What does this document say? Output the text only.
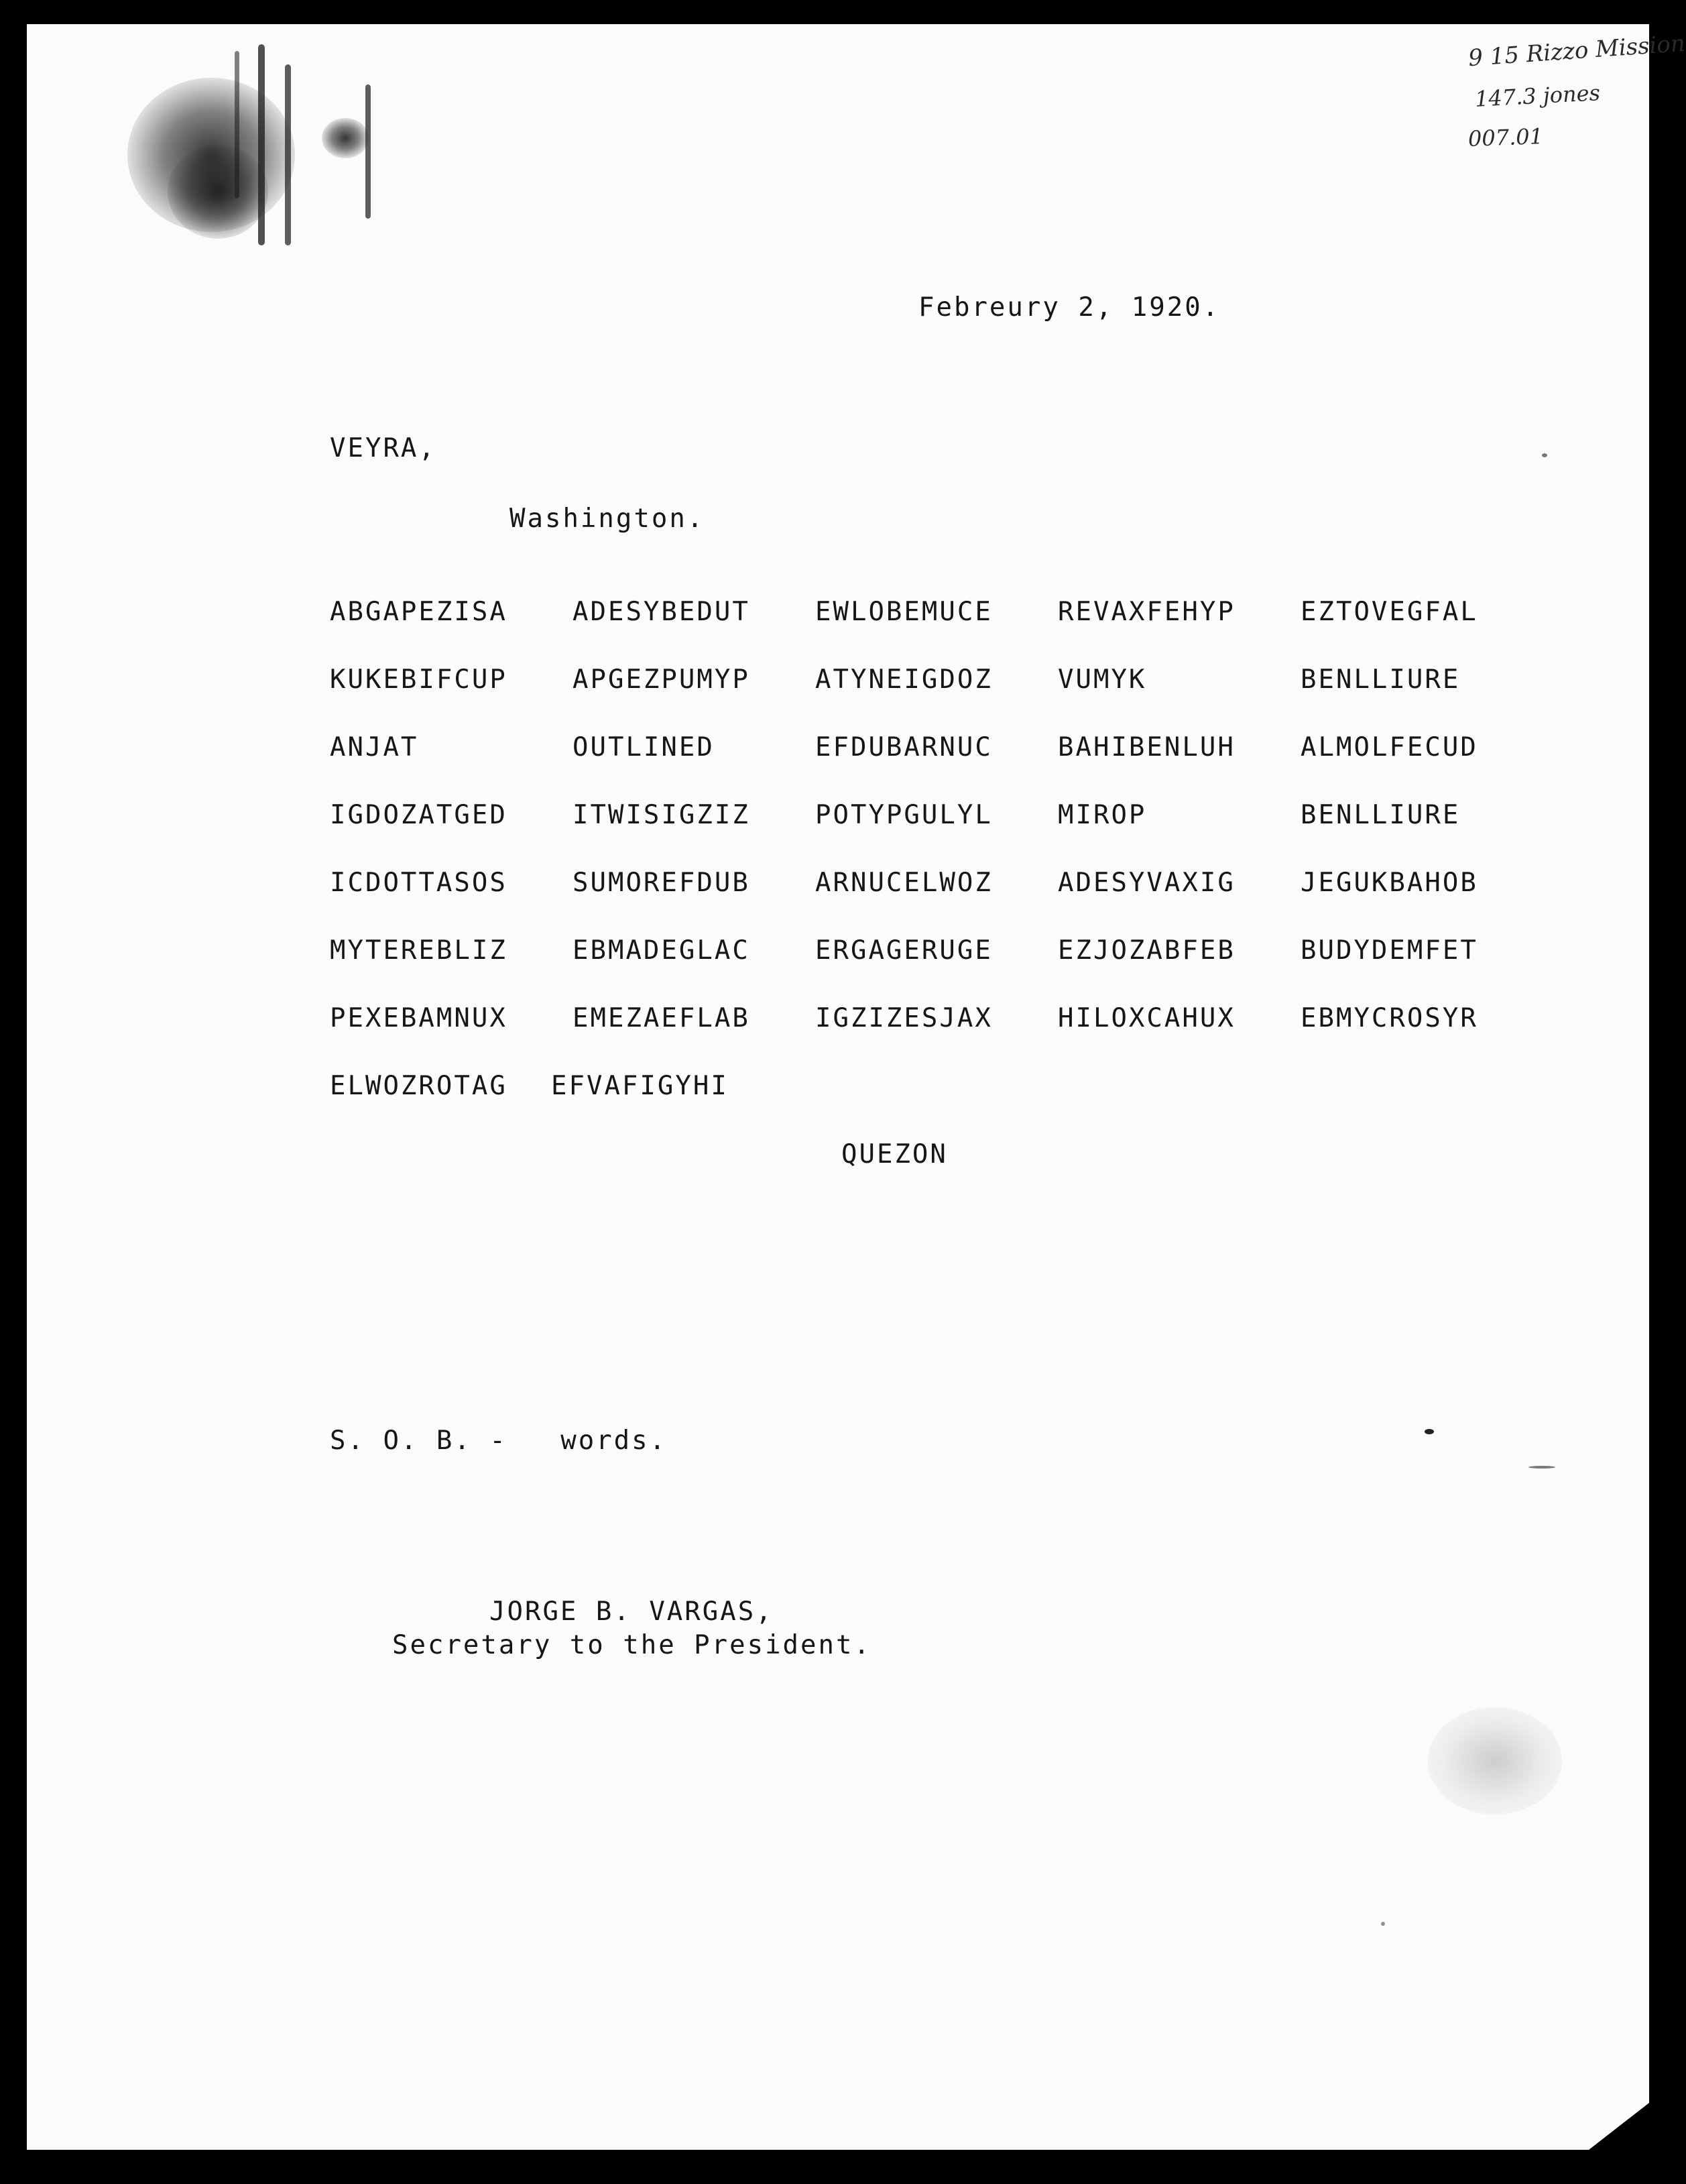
9 15 Rizzo Mission
147.3 jones
007.01
Febreury 2, 1920.
VEYRA,
Washington.
ABGAPEZISA	ADESYBEDUT	EWLOBEMUCE	REVAXFEHYP	EZTOVEGFAL
KUKEBIFCUP	APGEZPUMYP	ATYNEIGDOZ	VUMYK	BENLLIURE
ANJAT	OUTLINED	EFDUBARNUC	BAHIBENLUH	ALMOLFECUD
IGDOZATGED	ITWISIGZIZ	POTYPGULYL	MIROP	BENLLIURE
ICDOTTASOS	SUMOREFDUB	ARNUCELWOZ	ADESYVAXIG	JEGUKBAHOB
MYTEREBLIZ	EBMADEGLAC	ERGAGERUGE	EZJOZABFEB	BUDYDEMFET
PEXEBAMNUX	EMEZAEFLAB	IGZIZESJAX	HILOXCAHUX	EBMYCROSYR
ELWOZROTAG	EFVAFIGYHI
QUEZON
S. O. B. -   words.
JORGE B. VARGAS,
Secretary to the President.
